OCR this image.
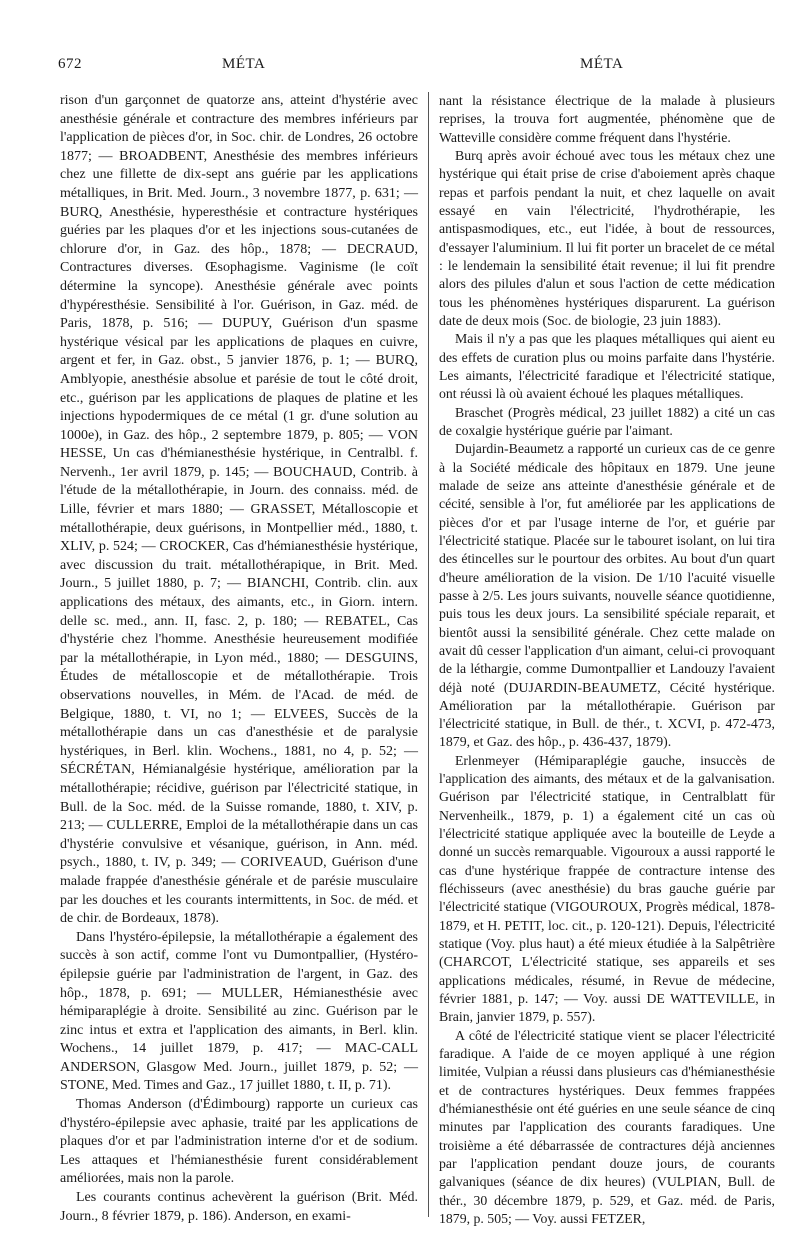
672	MÉTA	MÉTA

rison d'un garçonnet de quatorze ans, atteint d'hystérie avec anesthésie générale et contracture des membres inférieurs par l'application de pièces d'or, in Soc. chir. de Londres, 26 octobre 1877; — BROADBENT, Anesthésie des membres inférieurs chez une fillette de dix-sept ans guérie par les applications métalliques, in Brit. Med. Journ., 3 novembre 1877, p. 631; — BURQ, Anesthésie, hyperesthésie et contracture hystériques guéries par les plaques d'or et les injections sous-cutanées de chlorure d'or, in Gaz. des hôp., 1878; — DECRAUD, Contractures diverses. Œsophagisme. Vaginisme (le coït détermine la syncope). Anesthésie générale avec points d'hypéresthésie. Sensibilité à l'or. Guérison, in Gaz. méd. de Paris, 1878, p. 516; — DUPUY, Guérison d'un spasme hystérique vésical par les applications de plaques en cuivre, argent et fer, in Gaz. obst., 5 janvier 1876, p. 1; — BURQ, Amblyopie, anesthésie absolue et parésie de tout le côté droit, etc., guérison par les applications de plaques de platine et les injections hypodermiques de ce métal (1 gr. d'une solution au 1000e), in Gaz. des hôp., 2 septembre 1879, p. 805; — VON HESSE, Un cas d'hémianesthésie hystérique, in Centralbl. f. Nervenh., 1er avril 1879, p. 145; — BOUCHAUD, Contrib. à l'étude de la métallothérapie, in Journ. des connaiss. méd. de Lille, février et mars 1880; — GRASSET, Métalloscopie et métallothérapie, deux guérisons, in Montpellier méd., 1880, t. XLIV, p. 524; — CROCKER, Cas d'hémianesthésie hystérique, avec discussion du trait. métallothérapique, in Brit. Med. Journ., 5 juillet 1880, p. 7; — BIANCHI, Contrib. clin. aux applications des métaux, des aimants, etc., in Giorn. intern. delle sc. med., ann. II, fasc. 2, p. 180; — REBATEL, Cas d'hystérie chez l'homme. Anesthésie heureusement modifiée par la métallothérapie, in Lyon méd., 1880; — DESGUINS, Études de métalloscopie et de métallothérapie. Trois observations nouvelles, in Mém. de l'Acad. de méd. de Belgique, 1880, t. VI, no 1; — ELVEES, Succès de la métallothérapie dans un cas d'anesthésie et de paralysie hystériques, in Berl. klin. Wochens., 1881, no 4, p. 52; — SÉCRÉTAN, Hémianalgésie hystérique, amélioration par la métallothérapie; récidive, guérison par l'électricité statique, in Bull. de la Soc. méd. de la Suisse romande, 1880, t. XIV, p. 213; — CULLERRE, Emploi de la métallothérapie dans un cas d'hystérie convulsive et vésanique, guérison, in Ann. méd. psych., 1880, t. IV, p. 349; — CORIVEAUD, Guérison d'une malade frappée d'anesthésie générale et de parésie musculaire par les douches et les courants intermittents, in Soc. de méd. et de chir. de Bordeaux, 1878).

Dans l'hystéro-épilepsie, la métallothérapie a également des succès à son actif, comme l'ont vu Dumontpallier, (Hystéro-épilepsie guérie par l'administration de l'argent, in Gaz. des hôp., 1878, p. 691; — MULLER, Hémianesthésie avec hémiparaplégie à droite. Sensibilité au zinc. Guérison par le zinc intus et extra et l'application des aimants, in Berl. klin. Wochens., 14 juillet 1879, p. 417; — MAC-CALL ANDERSON, Glasgow Med. Journ., juillet 1879, p. 52; — STONE, Med. Times and Gaz., 17 juillet 1880, t. II, p. 71).

Thomas Anderson (d'Édimbourg) rapporte un curieux cas d'hystéro-épilepsie avec aphasie, traité par les applications de plaques d'or et par l'administration interne d'or et de sodium. Les attaques et l'hémianesthésie furent considérablement améliorées, mais non la parole.

Les courants continus achevèrent la guérison (Brit. Méd. Journ., 8 février 1879, p. 186). Anderson, en exami-

nant la résistance électrique de la malade à plusieurs reprises, la trouva fort augmentée, phénomène que de Watteville considère comme fréquent dans l'hystérie.

Burq après avoir échoué avec tous les métaux chez une hystérique qui était prise de crise d'aboiement après chaque repas et parfois pendant la nuit, et chez laquelle on avait essayé en vain l'électricité, l'hydrothérapie, les antispasmodiques, etc., eut l'idée, à bout de ressources, d'essayer l'aluminium. Il lui fit porter un bracelet de ce métal : le lendemain la sensibilité était revenue; il lui fit prendre alors des pilules d'alun et sous l'action de cette médication tous les phénomènes hystériques disparurent. La guérison date de deux mois (Soc. de biologie, 23 juin 1883).

Mais il n'y a pas que les plaques métalliques qui aient eu des effets de curation plus ou moins parfaite dans l'hystérie. Les aimants, l'électricité faradique et l'électricité statique, ont réussi là où avaient échoué les plaques métalliques.

Braschet (Progrès médical, 23 juillet 1882) a cité un cas de coxalgie hystérique guérie par l'aimant.

Dujardin-Beaumetz a rapporté un curieux cas de ce genre à la Société médicale des hôpitaux en 1879. Une jeune malade de seize ans atteinte d'anesthésie générale et de cécité, sensible à l'or, fut améliorée par les applications de pièces d'or et par l'usage interne de l'or, et guérie par l'électricité statique. Placée sur le tabouret isolant, on lui tira des étincelles sur le pourtour des orbites. Au bout d'un quart d'heure amélioration de la vision. De 1/10 l'acuité visuelle passe à 2/5. Les jours suivants, nouvelle séance quotidienne, puis tous les deux jours. La sensibilité spéciale reparait, et bientôt aussi la sensibilité générale. Chez cette malade on avait dû cesser l'application d'un aimant, celui-ci provoquant de la léthargie, comme Dumontpallier et Landouzy l'avaient déjà noté (DUJARDIN-BEAUMETZ, Cécité hystérique. Amélioration par la métallothérapie. Guérison par l'électricité statique, in Bull. de thér., t. XCVI, p. 472-473, 1879, et Gaz. des hôp., p. 436-437, 1879).

Erlenmeyer (Hémiparaplégie gauche, insuccès de l'application des aimants, des métaux et de la galvanisation. Guérison par l'électricité statique, in Centralblatt für Nervenheilk., 1879, p. 1) a également cité un cas où l'électricité statique appliquée avec la bouteille de Leyde a donné un succès remarquable. Vigouroux a aussi rapporté le cas d'une hystérique frappée de contracture intense des fléchisseurs (avec anesthésie) du bras gauche guérie par l'électricité statique (VIGOUROUX, Progrès médical, 1878-1879, et H. PETIT, loc. cit., p. 120-121). Depuis, l'électricité statique (Voy. plus haut) a été mieux étudiée à la Salpêtrière (CHARCOT, L'électricité statique, ses appareils et ses applications médicales, résumé, in Revue de médecine, février 1881, p. 147; — Voy. aussi DE WATTEVILLE, in Brain, janvier 1879, p. 557).

A côté de l'électricité statique vient se placer l'électricité faradique. A l'aide de ce moyen appliqué à une région limitée, Vulpian a réussi dans plusieurs cas d'hémianesthésie et de contractures hystériques. Deux femmes frappées d'hémianesthésie ont été guéries en une seule séance de cinq minutes par l'application des courants faradiques. Une troisième a été débarrassée de contractures déjà anciennes par l'application pendant douze jours, de courants galvaniques (séance de dix heures) (VULPIAN, Bull. de thér., 30 décembre 1879, p. 529, et Gaz. méd. de Paris, 1879, p. 505; — Voy. aussi FETZER,
